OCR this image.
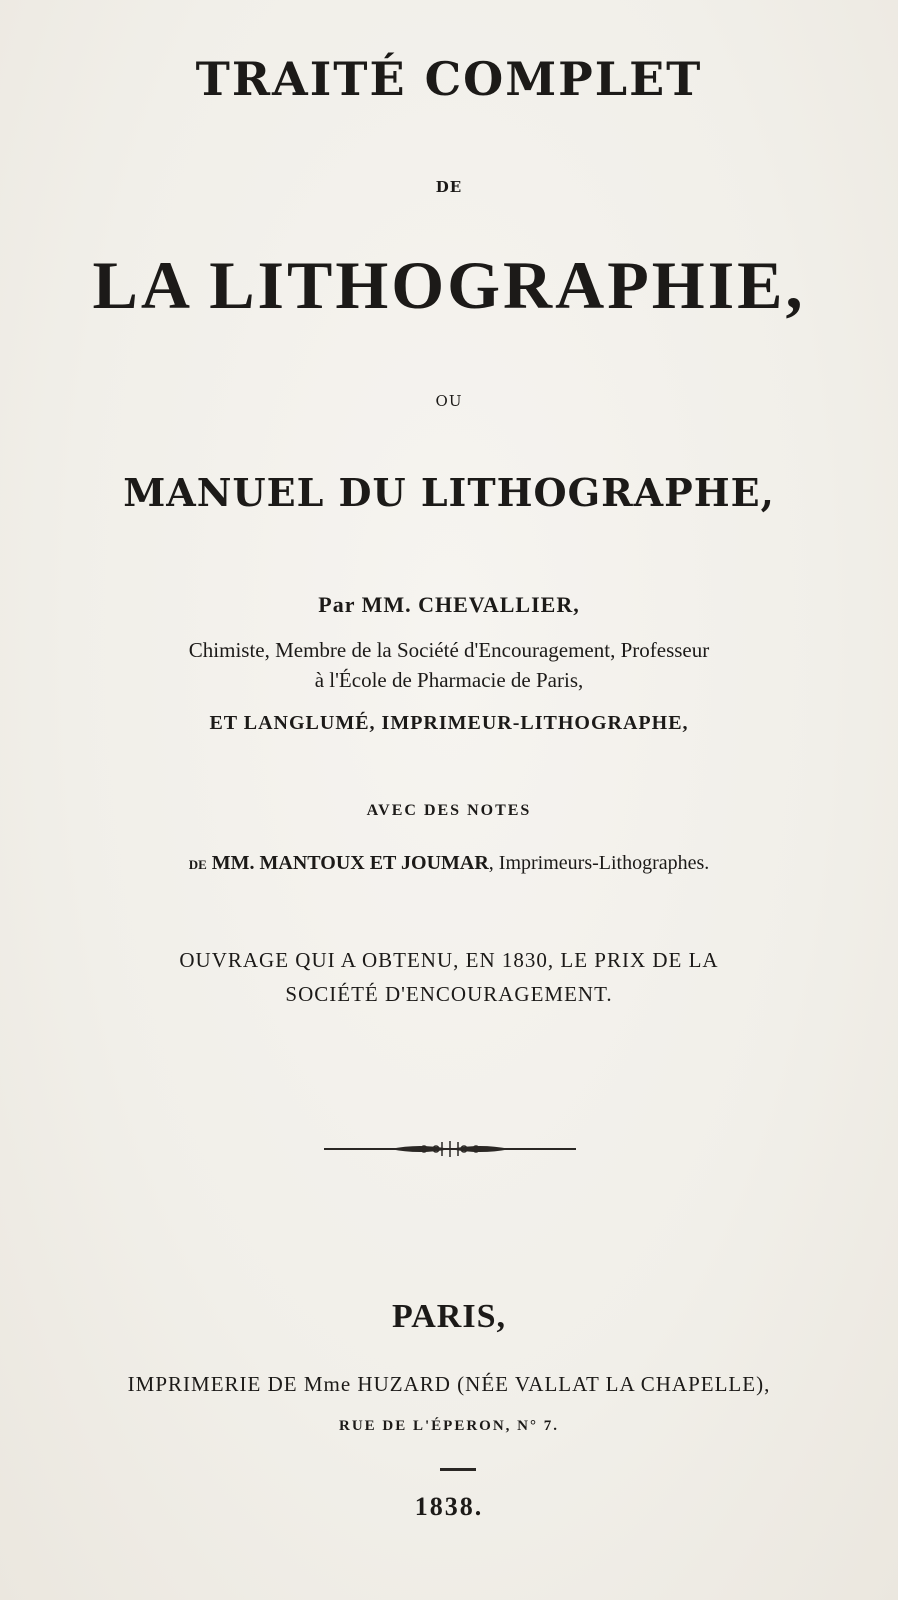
TRAITÉ COMPLET
DE
LA LITHOGRAPHIE,
OU
MANUEL DU LITHOGRAPHE,
Par MM. CHEVALLIER,
Chimiste, Membre de la Société d'Encouragement, Professeur
à l'École de Pharmacie de Paris,
ET LANGLUMÉ, IMPRIMEUR-LITHOGRAPHE,
AVEC DES NOTES
DE MM. MANTOUX ET JOUMAR, Imprimeurs-Lithographes.
OUVRAGE QUI A OBTENU, EN 1830, LE PRIX DE LA
SOCIÉTÉ D'ENCOURAGEMENT.
PARIS,
IMPRIMERIE DE Mme HUZARD (NÉE VALLAT LA CHAPELLE),
RUE DE L'ÉPERON, N° 7.
1838.
